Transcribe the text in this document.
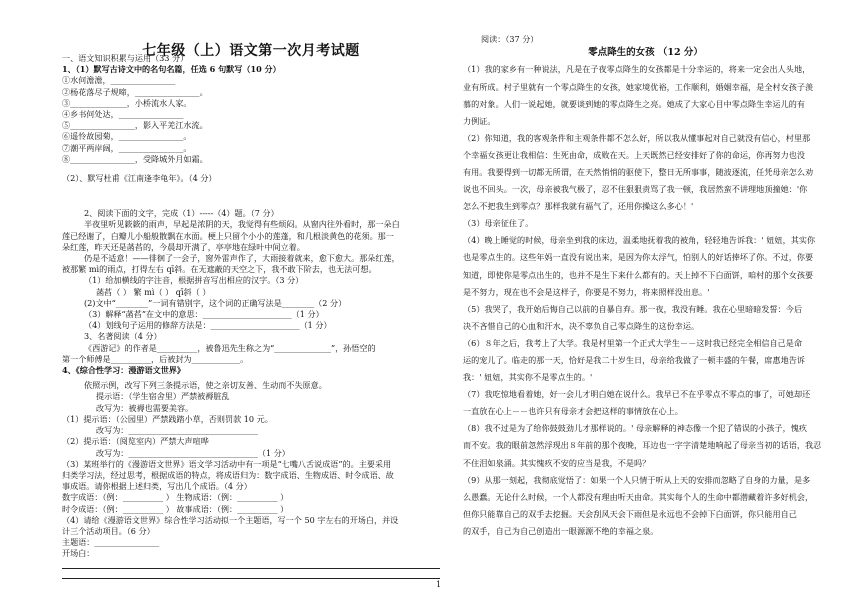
七年级（上）语文第一次月考试题
一、语文知识积累与运用（33 分）
1、（1）默写古诗文中的名句名篇，任选 6 句默写（10 分）
①水何澹澹，________________
②杨花落尽子规啼，________________。
③______________，小桥流水人家。
④乡书何处达，________________
⑤________________，影入平羌江水流。
⑥遥怜故园菊，________________。
⑦潮平两岸阔，________________。
⑧________________，受降城外月如霜。
（2）、默写杜甫《江南逢李龟年》。（4 分）
2、阅读下面的文字，完成（1）-----（4）题。（7 分）
半夜里听见簌簌的雨声，早起是浓阴的天，我觉得有些烦闷。从窗内往外看时，那一朵白
莲已经谢了，白瓣儿小船般散飘在水面。梗上只留个小小的莲蓬，和几根淡黄色的花须。那一
朵红莲，昨天还是菡萏的，今晨却开满了，亭亭地在绿叶中间立着。
仍是不适意！——徘徊了一会子，窗外雷声作了，大雨接着就来，愈下愈大。那朵红莲，
被那繁 mì的雨点，打得左右 qī斜。在无遮蔽的天空之下，我不敢下阶去，也无法可想。
（1）给加横线的字注音，根据拼音写出相应的汉字。（3 分）
菡萏（ ） 繁 mì（ ） qī斜（ ）
(2)文中“________”一词有错别字，这个词的正确写法是________（2 分）
（3）解释“菡萏”在文中的意思：______________________（1 分）
（4）划线句子运用的修辞方法是：______________________（1 分）
3、名著阅读（4 分）
《西游记》的作者是__________，被鲁迅先生称之为“______________”，孙悟空的
第一个师傅是__________，后被封为____________。
4、《综合性学习：漫游语文世界》
依照示例，改写下列三条提示语，使之亲切友善、生动而不失原意。
提示语：（学生宿舍里）严禁被褥脏乱
改写为：被褥也需要美容。
（1）提示语：（公园里）严禁践踏小草，否则罚款 10 元。
改写为：________________________________
（2）提示语：（阅览室内）严禁大声喧哗
改写为：________________________________（1 分）
（3）某班举行的《漫游语文世界》语文学习活动中有一项是“七嘴八舌说成语”的。主要采用
归类学习法，经过思考，根据成语的特点，将成语归为：数字成语、生物成语、时令成语、故
事成语。请你根据上述归类，写出几个成语。（4 分）
数字成语：（例：__________ ） 生物成语：（例：__________ ）
时令成语：（例：__________ ） 故事成语：（例：__________ ）
（4）请给《漫游语文世界》综合性学习活动拟一个主题语，写一个 50 字左右的开场白，并设
计三个活动项目。（6 分）
主题语：________________
开场白：
阅读：（37 分）
零点降生的女孩 （12 分）
（1）我的家乡有一种说法，凡是在子夜零点降生的女孩都是十分幸运的，将来一定会出人头地，
业有所成。村子里就有一个零点降生的女孩，她家境优裕，工作顺利，婚姻幸福，是全村女孩子羡
慕的对象。人们一说起她，就要谈到她的零点降生之亮。她成了大家心目中零点降生幸运儿的有
力例证。
（2）你知道，我的客观条件和主观条件都不怎么好，所以我从懂事起对自己就没有信心，村里那
个幸福女孩更让我相信：生死由命，成败在天。上天既然已经安排好了你的命运，你再努力也没
有用。我要得到一切都无所谓，在天然悄悄的驱使下，整日无所事事，随波逐流，任凭母亲怎么劝
说也不回头。一次，母亲被我气极了，忍不住狠狠责骂了我一顿，我居然蛮不讲理地顶撞她：'你
怎么不把我生到零点？那样我就有福气了，还用你操这么多心！'
（3）母亲征住了。
（4）晚上睡觉的时候，母亲坐到我的床边，温柔地抚着我的被角，轻轻地告诉我：' 妞妞，其实你
也是零点生的。这些年妈一直没有说出来，是因为你太浮气，怕别人的好话捧坏了你。不过，你要
知道，即使你是零点出生的，也并不是生下来什么都有的。天上掉不下白面饼，咱村的那个女孩要
是不努力，现在也不会是这样子，你要是不努力，将来照样没出息。'
（5）我哭了，我开始后悔自己以前的自暴自弃。那一夜，我没有睡。我在心里暗暗发誓：今后
决不吝惜自己的心血和汗水，决不辜负自己零点降生的这份幸运。
（6）８年之后，我考上了大学。我是村里第一个正式大学生－－这时我已经完全相信自己是命
运的宠儿了。临走的那一天，恰好是我二十岁生日，母亲给我做了一顿丰盛的午餐，席惠地告诉
我：' 妞妞，其实你不是零点生的。'
（7）我吃惊地看着她，好一会儿才明白她在说什么。我早已不在乎零点不零点的事了，可她却还
一直放在心上－－也许只有母亲才会把这样的事情放在心上。
（8）我不过是为了给你鼓鼓劲儿才那样说的。' 母亲解释的神态像一个犯了错误的小孩子，愧疚
而不安。我的眼前忽然浮现出８年前的那个夜晚，耳边也一字字清楚地响起了母亲当初的话语，我忍
不住泪如泉涌。其实愧疚不安的应当是我，不是吗？
（9）从那一刻起，我彻底觉悟了：如果一个人只情于听从上天的安排而忽略了自身的力量，是多
么愚蠢。无论什么时候，一个人都没有理由听天由命。其实每个人的生命中都潜藏着许多好机会，
但你只能靠自己的双手去挖掘。天会刮风天会下雨但是永远也不会掉下白面饼，你只能用自己
的双手，自己为自己创造出一眼源源不绝的幸福之泉。
1
